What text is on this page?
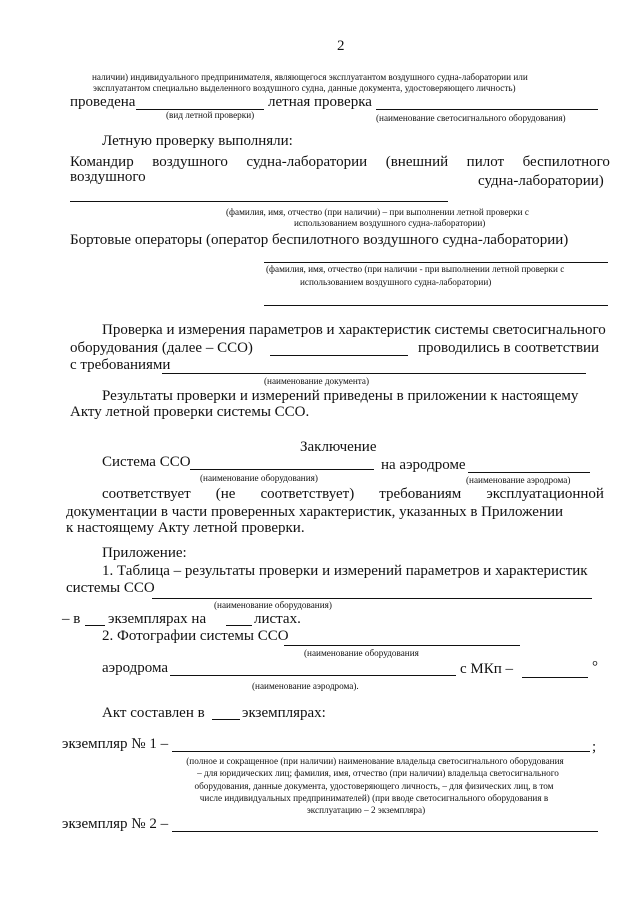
2
наличии) индивидуального предпринимателя, являющегося эксплуатантом воздушного судна-лаборатории или
эксплуатантом специально выделенного воздушного судна, данные документа, удостоверяющего личность)
проведена	летная проверка
(вид летной проверки)	(наименование светосигнального оборудования)
Летную проверку выполняли:
Командир воздушного судна-лаборатории (внешний пилот беспилотного
воздушного	судна-лаборатории)
(фамилия, имя, отчество (при наличии) – при выполнении летной проверки с
использованием воздушного судна-лаборатории)
Бортовые операторы (оператор беспилотного воздушного судна-лаборатории)
(фамилия, имя, отчество (при наличии - при выполнении летной проверки с
использованием воздушного судна-лаборатории)
Проверка и измерения параметров и характеристик системы светосигнального
оборудования (далее – ССО)	проводились в соответствии
с требованиями
(наименование документа)
Результаты проверки и измерений приведены в приложении к настоящему
Акту летной проверки системы ССО.
Заключение
Система ССО	на аэродроме
(наименование оборудования)	(наименование аэродрома)
соответствует (не соответствует) требованиям эксплуатационной
документации в части проверенных характеристик, указанных в Приложении
к настоящему Акту летной проверки.
Приложение:
1. Таблица – результаты проверки и измерений параметров и характеристик
системы ССО
(наименование оборудования)
– в экземплярах на	листах.
2. Фотографии системы ССО
(наименование оборудования
аэродрома	с МКп –	°
(наименование аэродрома).
Акт составлен в экземплярах:
экземпляр № 1 –	;
(полное и сокращенное (при наличии) наименование владельца светосигнального оборудования
– для юридических лиц; фамилия, имя, отчество (при наличии) владельца светосигнального
оборудования, данные документа, удостоверяющего личность, – для физических лиц, в том
числе индивидуальных предпринимателей) (при вводе светосигнального оборудования в
эксплуатацию – 2 экземпляра)
экземпляр № 2 –
